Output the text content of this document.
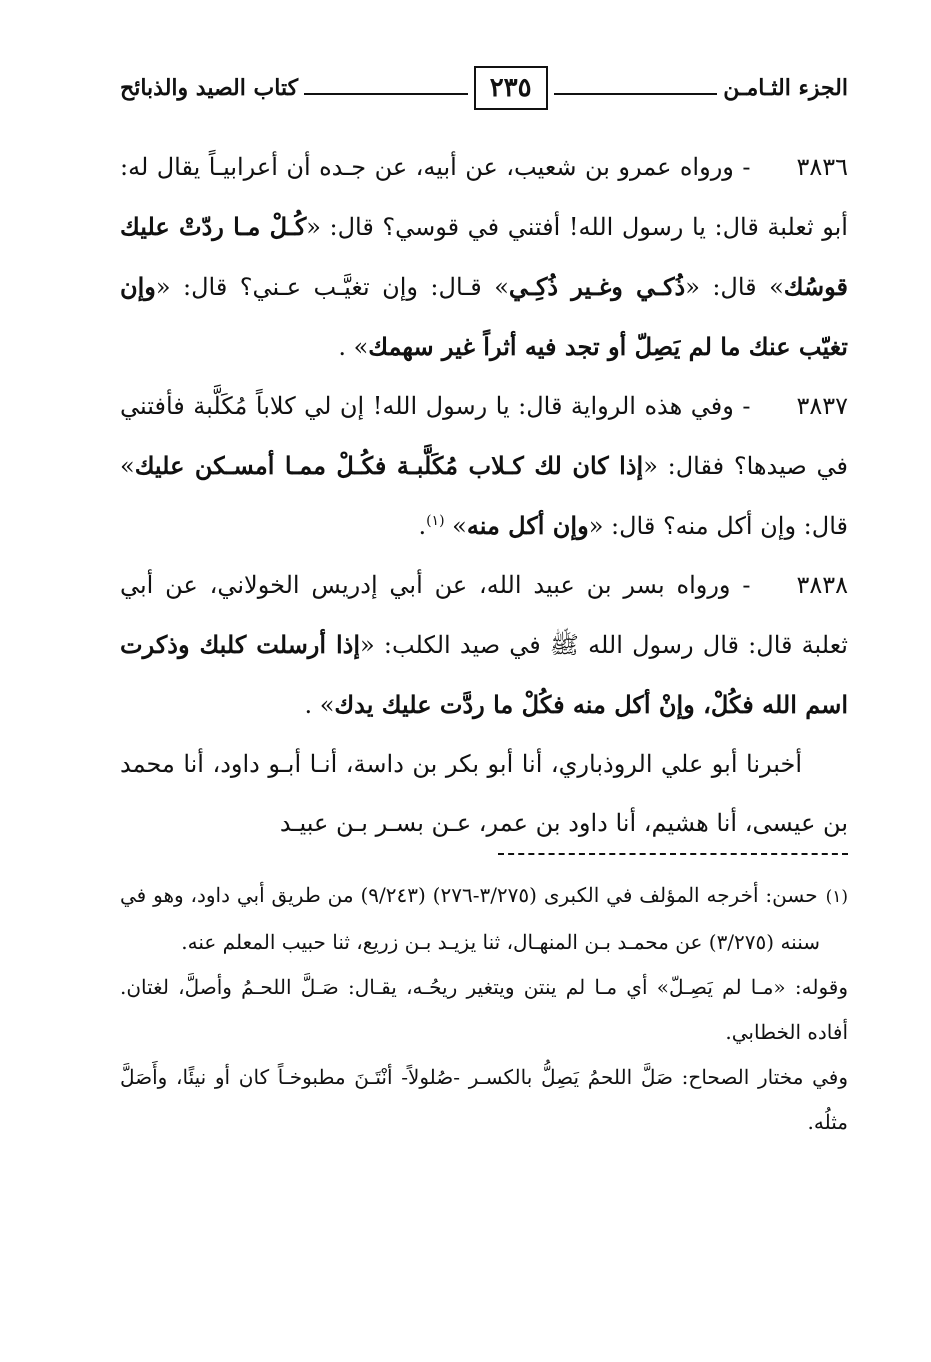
الجزء الثـامـن
٢٣٥
كتاب الصيد والذبائح

٣٨٣٦- ورواه عمرو بن شعيب، عن أبيه، عن جـده أن أعرابيـاً يقال له: أبو ثعلبة قال: يا رسول الله! أفتني في قوسي؟ قال: «كُـلْ مـا ردّتْ عليك قوسُك» قال: «ذُكـي وغـير ذُكِـي» قـال: وإن تغيَّـب عـني؟ قال: «وإن تغيّب عنك ما لم يَصِلّ أو تجد فيه أثراً غير سهمك» .

٣٨٣٧- وفي هذه الرواية قال: يا رسول الله! إن لي كلاباً مُكَلَّبة فأفتني في صيدها؟ فقال: «إذا كان لك كـلاب مُكَلَّبـة فكُـلْ ممـا أمسـكن عليك» قال: وإن أكل منه؟ قال: «وإن أكل منه» $^{(١)}$.

٣٨٣٨- ورواه بسر بن عبيد الله، عن أبي إدريس الخولاني، عن أبي ثعلبة قال: قال رسول الله ﷺ في صيد الكلب: «إذا أرسلت كلبك وذكرت اسم الله فكُلْ، وإنْ أكل منه فكُلْ ما ردَّت عليك يدك» .

أخبرنا أبو علي الروذباري، أنا أبو بكر بن داسة، أنـا أبـو داود، أنا محمد بن عيسى، أنا هشيم، أنا داود بن عمر، عـن بسـر بـن عبيـد

(١)حسن: أخرجه المؤلف في الكبرى (٣/٢٧٥-٢٧٦) (٩/٢٤٣) من طريق أبي داود، وهو في سننه (٣/٢٧٥) عن محمـد بـن المنهـال، ثنا يزيـد بـن زريع، ثنا حبيب المعلم عنه.

وقوله: «مـا لم يَصِـلّ» أي مـا لم ينتن ويتغير ريحُـه، يقـال: صَـلَّ اللحـمُ وأصلَّ، لغتان. أفاده الخطابي.

وفي مختار الصحاح: صَلَّ اللحمُ يَصِلُّ بالكسـر -صُلولاً- أنْتَـنَ مطبوخـاً كان أو نيئًا، وأَصَلَّ مثلُه.
